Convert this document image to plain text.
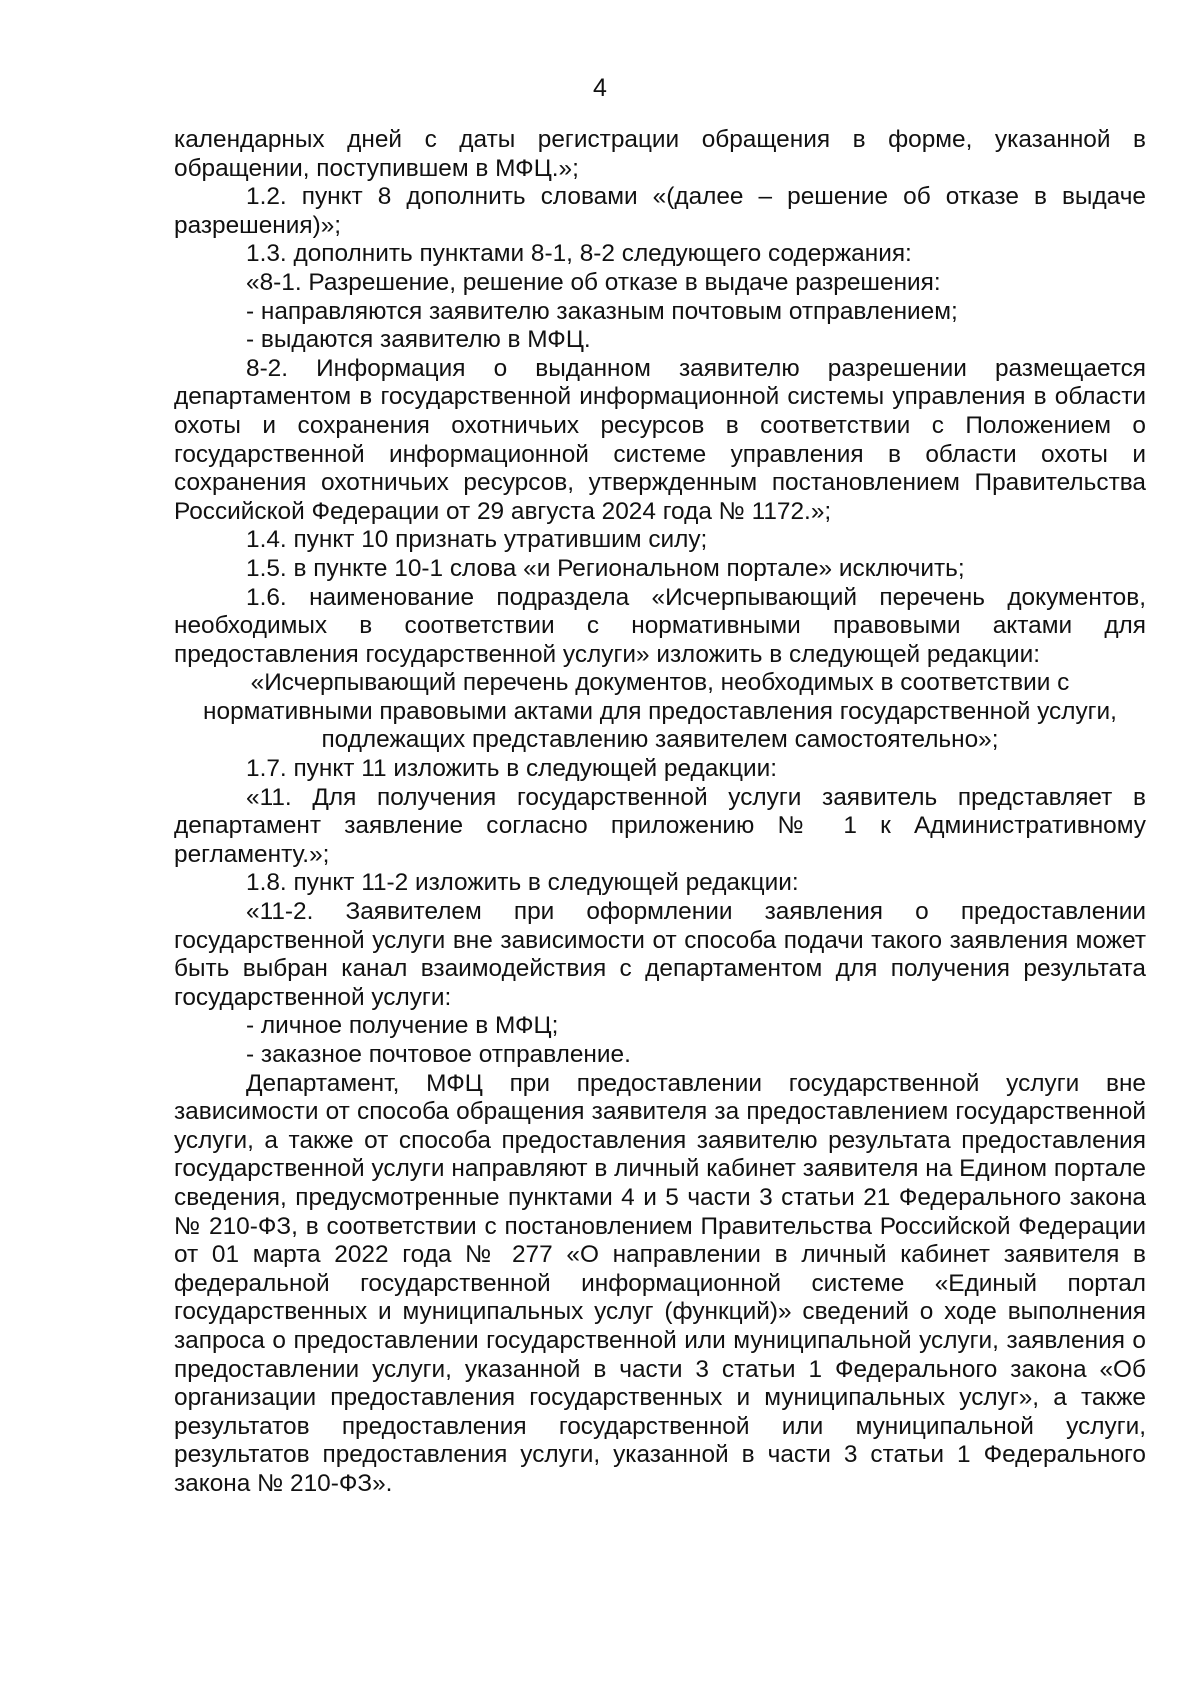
4

календарных дней с даты регистрации обращения в форме, указанной в обращении, поступившем в МФЦ.»;

1.2. пункт 8 дополнить словами «(далее – решение об отказе в выдаче разрешения)»;

1.3. дополнить пунктами 8-1, 8-2 следующего содержания:

«8-1. Разрешение, решение об отказе в выдаче разрешения:

- направляются заявителю заказным почтовым отправлением;

- выдаются заявителю в МФЦ.

8-2. Информация о выданном заявителю разрешении размещается департаментом в государственной информационной системы управления в области охоты и сохранения охотничьих ресурсов в соответствии с Положением о государственной информационной системе управления в области охоты и сохранения охотничьих ресурсов, утвержденным постановлением Правительства Российской Федерации от 29 августа 2024 года № 1172.»;

1.4. пункт 10 признать утратившим силу;

1.5. в пункте 10-1 слова «и Региональном портале» исключить;

1.6. наименование подраздела «Исчерпывающий перечень документов, необходимых в соответствии с нормативными правовыми актами для предоставления государственной услуги» изложить в следующей редакции:

«Исчерпывающий перечень документов, необходимых в соответствии с нормативными правовыми актами для предоставления государственной услуги, подлежащих представлению заявителем самостоятельно»;

1.7. пункт 11 изложить в следующей редакции:

«11. Для получения государственной услуги заявитель представляет в департамент заявление согласно приложению № 1 к Административному регламенту.»;

1.8. пункт 11-2 изложить в следующей редакции:

«11-2. Заявителем при оформлении заявления о предоставлении государственной услуги вне зависимости от способа подачи такого заявления может быть выбран канал взаимодействия с департаментом для получения результата государственной услуги:

- личное получение в МФЦ;

- заказное почтовое отправление.

Департамент, МФЦ при предоставлении государственной услуги вне зависимости от способа обращения заявителя за предоставлением государственной услуги, а также от способа предоставления заявителю результата предоставления государственной услуги направляют в личный кабинет заявителя на Едином портале сведения, предусмотренные пунктами 4 и 5 части 3 статьи 21 Федерального закона № 210-ФЗ, в соответствии с постановлением Правительства Российской Федерации от 01 марта 2022 года № 277 «О направлении в личный кабинет заявителя в федеральной государственной информационной системе «Единый портал государственных и муниципальных услуг (функций)» сведений о ходе выполнения запроса о предоставлении государственной или муниципальной услуги, заявления о предоставлении услуги, указанной в части 3 статьи 1 Федерального закона «Об организации предоставления государственных и муниципальных услуг», а также результатов предоставления государственной или муниципальной услуги, результатов предоставления услуги, указанной в части 3 статьи 1 Федерального закона № 210-ФЗ».
